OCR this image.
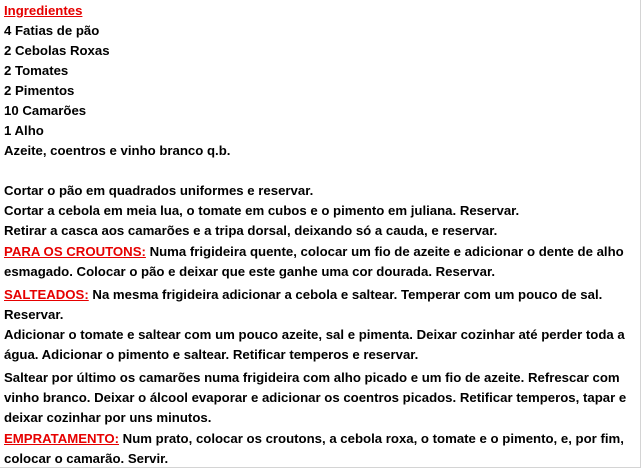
Ingredientes
4 Fatias de pão
2 Cebolas Roxas
2 Tomates
2 Pimentos
10 Camarões
1 Alho
Azeite, coentros e vinho branco q.b.
Cortar o pão em quadrados uniformes e reservar.
Cortar a cebola em meia lua, o tomate em cubos e o pimento em juliana. Reservar.
Retirar a casca aos camarões e a tripa dorsal, deixando só a cauda, e reservar.
PARA OS CROUTONS: Numa frigideira quente, colocar um fio de azeite e adicionar o dente de alho
esmagado. Colocar o pão e deixar que este ganhe uma cor dourada. Reservar.
SALTEADOS: Na mesma frigideira adicionar a cebola e saltear. Temperar com um pouco de sal.
Reservar.
Adicionar o tomate e saltear com um pouco azeite, sal e pimenta. Deixar cozinhar até perder toda a
água. Adicionar o pimento e saltear. Retificar temperos e reservar.
Saltear por último os camarões numa frigideira com alho picado e um fio de azeite. Refrescar com
vinho branco. Deixar o álcool evaporar e adicionar os coentros picados. Retificar temperos, tapar e
deixar cozinhar por uns minutos.
EMPRATAMENTO: Num prato, colocar os croutons, a cebola roxa, o tomate e o pimento, e, por fim,
colocar o camarão. Servir.
